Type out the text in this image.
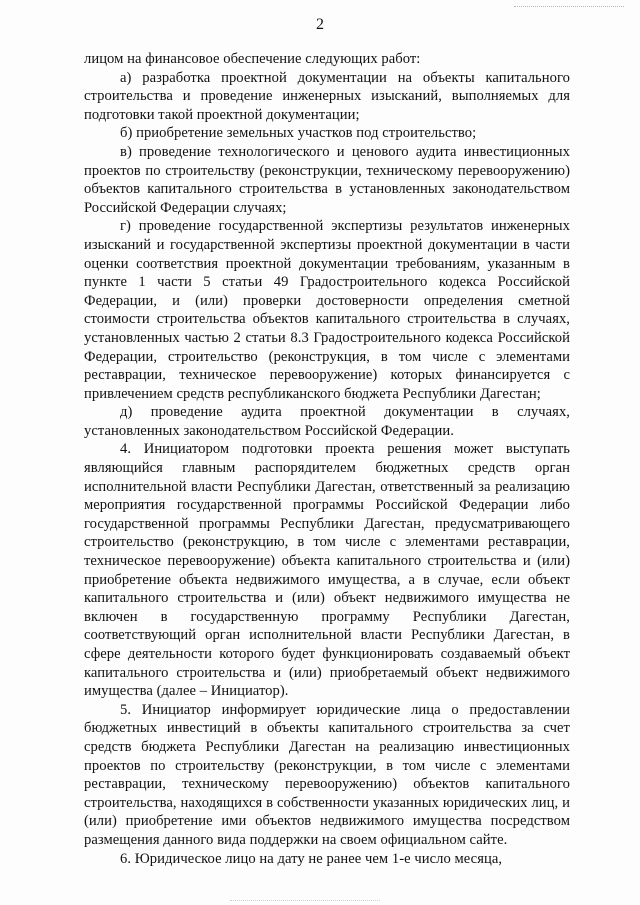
2

лицом на финансовое обеспечение следующих работ:

а) разработка проектной документации на объекты капитального строительства и проведение инженерных изысканий, выполняемых для подготовки такой проектной документации;

б) приобретение земельных участков под строительство;

в) проведение технологического и ценового аудита инвестиционных проектов по строительству (реконструкции, техническому перевооружению) объектов капитального строительства в установленных законодательством Российской Федерации случаях;

г) проведение государственной экспертизы результатов инженерных изысканий и государственной экспертизы проектной документации в части оценки соответствия проектной документации требованиям, указанным в пункте 1 части 5 статьи 49 Градостроительного кодекса Российской Федерации, и (или) проверки достоверности определения сметной стоимости строительства объектов капитального строительства в случаях, установленных частью 2 статьи 8.3 Градостроительного кодекса Российской Федерации, строительство (реконструкция, в том числе с элементами реставрации, техническое перевооружение) которых финансируется с привлечением средств республиканского бюджета Республики Дагестан;

д) проведение аудита проектной документации в случаях, установленных законодательством Российской Федерации.

4. Инициатором подготовки проекта решения может выступать являющийся главным распорядителем бюджетных средств орган исполнительной власти Республики Дагестан, ответственный за реализацию мероприятия государственной программы Российской Федерации либо государственной программы Республики Дагестан, предусматривающего строительство (реконструкцию, в том числе с элементами реставрации, техническое перевооружение) объекта капитального строительства и (или) приобретение объекта недвижимого имущества, а в случае, если объект капитального строительства и (или) объект недвижимого имущества не включен в государственную программу Республики Дагестан, соответствующий орган исполнительной власти Республики Дагестан, в сфере деятельности которого будет функционировать создаваемый объект капитального строительства и (или) приобретаемый объект недвижимого имущества (далее – Инициатор).

5. Инициатор информирует юридические лица о предоставлении бюджетных инвестиций в объекты капитального строительства за счет средств бюджета Республики Дагестан на реализацию инвестиционных проектов по строительству (реконструкции, в том числе с элементами реставрации, техническому перевооружению) объектов капитального строительства, находящихся в собственности указанных юридических лиц, и (или) приобретение ими объектов недвижимого имущества посредством размещения данного вида поддержки на своем официальном сайте.

6. Юридическое лицо на дату не ранее чем 1-е число месяца,
